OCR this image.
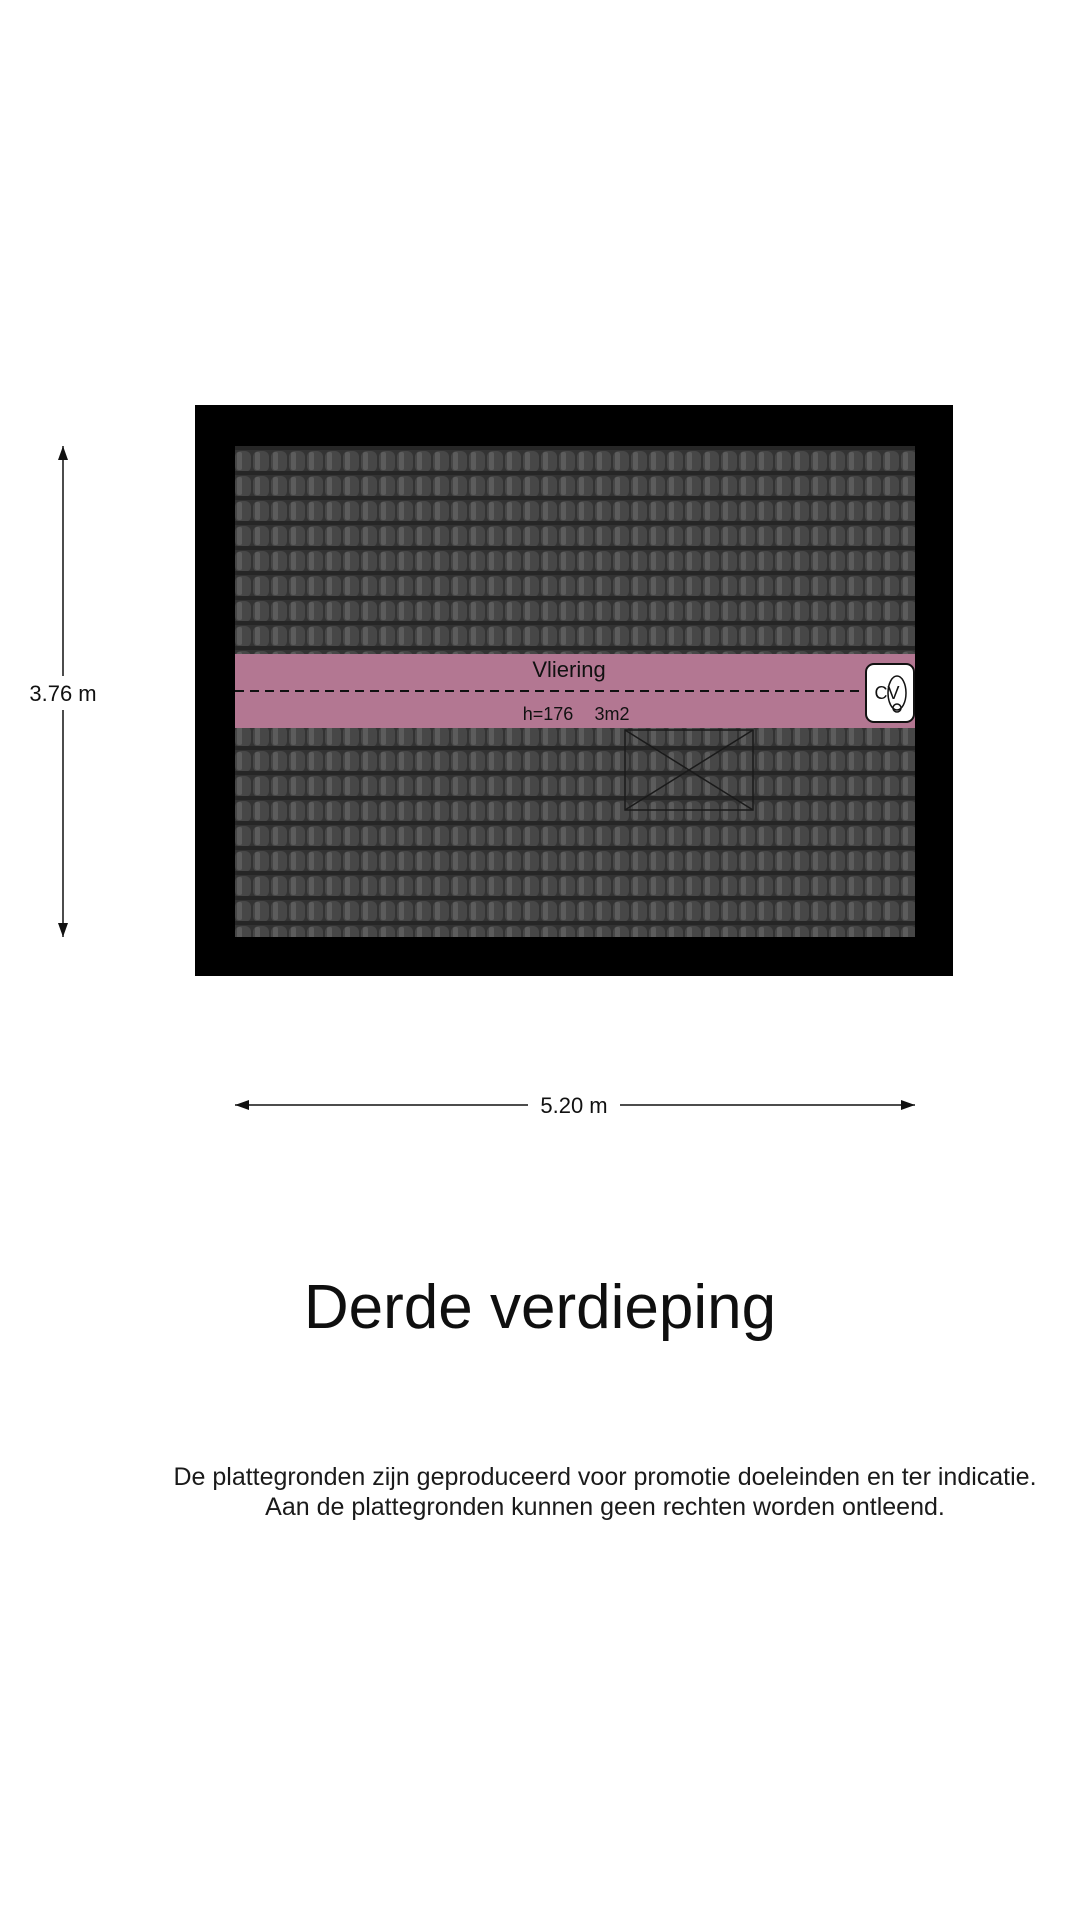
Vliering
h=176 3m2
CV
3.76 m
5.20 m
Derde verdieping
De plattegronden zijn geproduceerd voor promotie doeleinden en ter indicatie.
Aan de plattegronden kunnen geen rechten worden ontleend.
